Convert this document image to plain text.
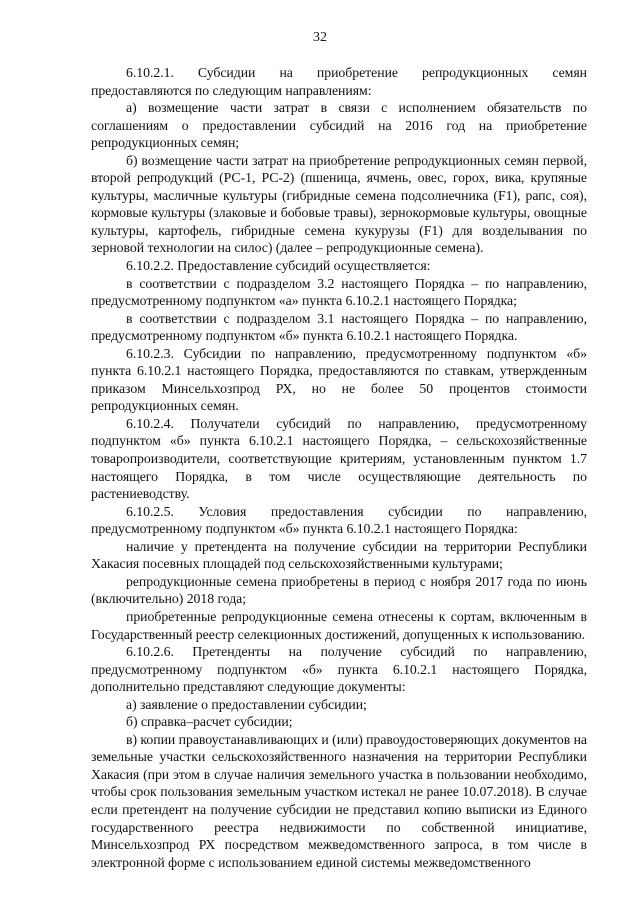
32

6.10.2.1. Субсидии на приобретение репродукционных семян предоставляются по следующим направлениям:

а) возмещение части затрат в связи с исполнением обязательств по соглашениям о предоставлении субсидий на 2016 год на приобретение репродукционных семян;

б) возмещение части затрат на приобретение репродукционных семян первой, второй репродукций (РС-1, РС-2) (пшеница, ячмень, овес, горох, вика, крупяные культуры, масличные культуры (гибридные семена подсолнечника (F1), рапс, соя), кормовые культуры (злаковые и бобовые травы), зернокормовые культуры, овощные культуры, картофель, гибридные семена кукурузы (F1) для возделывания по зерновой технологии на силос) (далее – репродукционные семена).

6.10.2.2. Предоставление субсидий осуществляется:

в соответствии с подразделом 3.2 настоящего Порядка – по направлению, предусмотренному подпунктом «а» пункта 6.10.2.1 настоящего Порядка;

в соответствии с подразделом 3.1 настоящего Порядка – по направлению, предусмотренному подпунктом «б» пункта 6.10.2.1 настоящего Порядка.

6.10.2.3. Субсидии по направлению, предусмотренному подпунктом «б» пункта 6.10.2.1 настоящего Порядка, предоставляются по ставкам, утвержденным приказом Минсельхозпрод РХ, но не более 50 процентов стоимости репродукционных семян.

6.10.2.4. Получатели субсидий по направлению, предусмотренному подпунктом «б» пункта 6.10.2.1 настоящего Порядка, – сельскохозяйственные товаропроизводители, соответствующие критериям, установленным пунктом 1.7 настоящего Порядка, в том числе осуществляющие деятельность по растениеводству.

6.10.2.5. Условия предоставления субсидии по направлению, предусмотренному подпунктом «б» пункта 6.10.2.1 настоящего Порядка:

наличие у претендента на получение субсидии на территории Республики Хакасия посевных площадей под сельскохозяйственными культурами;

репродукционные семена приобретены в период с ноября 2017 года по июнь (включительно) 2018 года;

приобретенные репродукционные семена отнесены к сортам, включенным в Государственный реестр селекционных достижений, допущенных к использованию.

6.10.2.6. Претенденты на получение субсидий по направлению, предусмотренному подпунктом «б» пункта 6.10.2.1 настоящего Порядка, дополнительно представляют следующие документы:

а) заявление о предоставлении субсидии;

б) справка–расчет субсидии;

в) копии правоустанавливающих и (или) правоудостоверяющих документов на земельные участки сельскохозяйственного назначения на территории Республики Хакасия (при этом в случае наличия земельного участка в пользовании необходимо, чтобы срок пользования земельным участком истекал не ранее 10.07.2018). В случае если претендент на получение субсидии не представил копию выписки из Единого государственного реестра недвижимости по собственной инициативе, Минсельхозпрод РХ посредством межведомственного запроса, в том числе в электронной форме с использованием единой системы межведомственного
